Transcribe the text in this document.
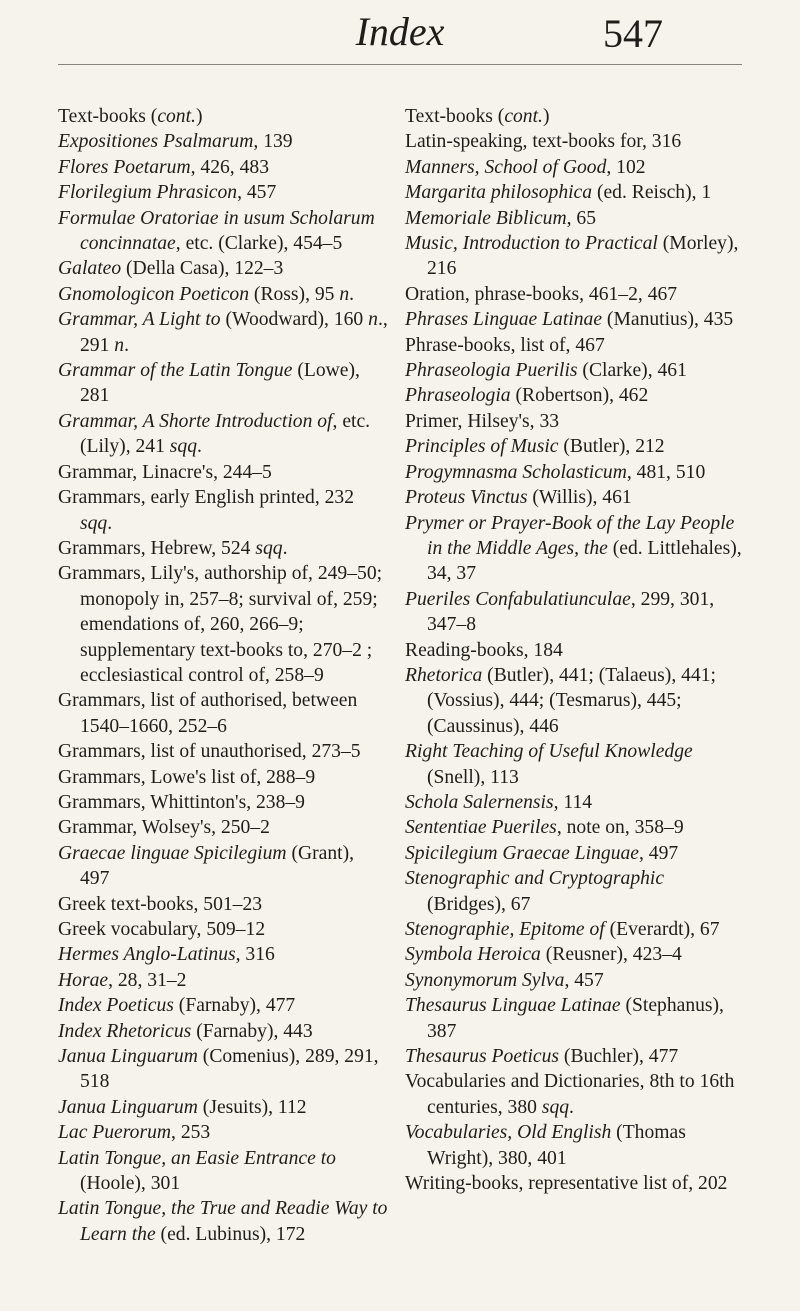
Index	547
Text-books (cont.)
Expositiones Psalmarum, 139
Flores Poetarum, 426, 483
Florilegium Phrasicon, 457
Formulae Oratoriae in usum Scholarum concinnatae, etc. (Clarke), 454–5
Galateo (Della Casa), 122–3
Gnomologicon Poeticon (Ross), 95 n.
Grammar, A Light to (Woodward), 160 n., 291 n.
Grammar of the Latin Tongue (Lowe), 281
Grammar, A Shorte Introduction of, etc. (Lily), 241 sqq.
Grammar, Linacre's, 244–5
Grammars, early English printed, 232 sqq.
Grammars, Hebrew, 524 sqq.
Grammars, Lily's, authorship of, 249–50; monopoly in, 257–8; survival of, 259; emendations of, 260, 266–9; supplementary text-books to, 270–2 ; ecclesiastical control of, 258–9
Grammars, list of authorised, between 1540–1660, 252–6
Grammars, list of unauthorised, 273–5
Grammars, Lowe's list of, 288–9
Grammars, Whittinton's, 238–9
Grammar, Wolsey's, 250–2
Graecae linguae Spicilegium (Grant), 497
Greek text-books, 501–23
Greek vocabulary, 509–12
Hermes Anglo-Latinus, 316
Horae, 28, 31–2
Index Poeticus (Farnaby), 477
Index Rhetoricus (Farnaby), 443
Janua Linguarum (Comenius), 289, 291, 518
Janua Linguarum (Jesuits), 112
Lac Puerorum, 253
Latin Tongue, an Easie Entrance to (Hoole), 301
Latin Tongue, the True and Readie Way to Learn the (ed. Lubinus), 172
Text-books (cont.)
Latin-speaking, text-books for, 316
Manners, School of Good, 102
Margarita philosophica (ed. Reisch), 1
Memoriale Biblicum, 65
Music, Introduction to Practical (Morley), 216
Oration, phrase-books, 461–2, 467
Phrases Linguae Latinae (Manutius), 435
Phrase-books, list of, 467
Phraseologia Puerilis (Clarke), 461
Phraseologia (Robertson), 462
Primer, Hilsey's, 33
Principles of Music (Butler), 212
Progymnasma Scholasticum, 481, 510
Proteus Vinctus (Willis), 461
Prymer or Prayer-Book of the Lay People in the Middle Ages, the (ed. Littlehales), 34, 37
Pueriles Confabulatiunculae, 299, 301, 347–8
Reading-books, 184
Rhetorica (Butler), 441; (Talaeus), 441; (Vossius), 444; (Tesmarus), 445; (Caussinus), 446
Right Teaching of Useful Knowledge (Snell), 113
Schola Salernensis, 114
Sententiae Pueriles, note on, 358–9
Spicilegium Graecae Linguae, 497
Stenographic and Cryptographic (Bridges), 67
Stenographie, Epitome of (Everardt), 67
Symbola Heroica (Reusner), 423–4
Synonymorum Sylva, 457
Thesaurus Linguae Latinae (Stephanus), 387
Thesaurus Poeticus (Buchler), 477
Vocabularies and Dictionaries, 8th to 16th centuries, 380 sqq.
Vocabularies, Old English (Thomas Wright), 380, 401
Writing-books, representative list of, 202
